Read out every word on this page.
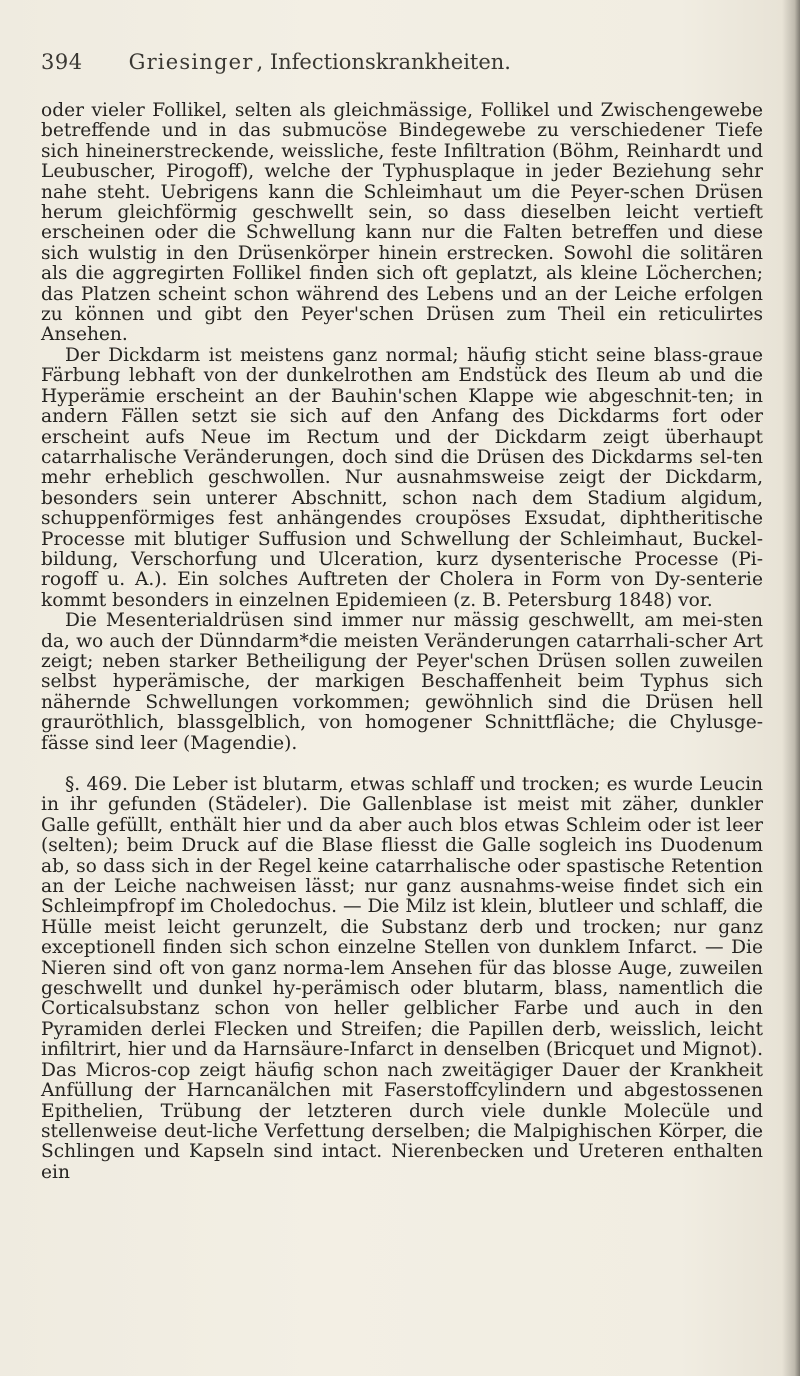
394 Griesinger , Infectionskrankheiten.

oder vieler Follikel, selten als gleichmässige, Follikel und Zwischengewebe betreffende und in das submucöse Bindegewebe zu verschiedener Tiefe sich hineinerstreckende, weissliche, feste Infiltration (Böhm, Reinhardt und Leubuscher, Pirogoff), welche der Typhusplaque in jeder Beziehung sehr nahe steht. Uebrigens kann die Schleimhaut um die Peyer-schen Drüsen herum gleichförmig geschwellt sein, so dass dieselben leicht vertieft erscheinen oder die Schwellung kann nur die Falten betreffen und diese sich wulstig in den Drüsenkörper hinein erstrecken. Sowohl die solitären als die aggregirten Follikel finden sich oft geplatzt, als kleine Löcherchen; das Platzen scheint schon während des Lebens und an der Leiche erfolgen zu können und gibt den Peyer'schen Drüsen zum Theil ein reticulirtes Ansehen.

Der Dickdarm ist meistens ganz normal; häufig sticht seine blass-graue Färbung lebhaft von der dunkelrothen am Endstück des Ileum ab und die Hyperämie erscheint an der Bauhin'schen Klappe wie abgeschnit-ten; in andern Fällen setzt sie sich auf den Anfang des Dickdarms fort oder erscheint aufs Neue im Rectum und der Dickdarm zeigt überhaupt catarrhalische Veränderungen, doch sind die Drüsen des Dickdarms sel-ten mehr erheblich geschwollen. Nur ausnahmsweise zeigt der Dickdarm, besonders sein unterer Abschnitt, schon nach dem Stadium algidum, schuppenförmiges fest anhängendes croupöses Exsudat, diphtheritische Processe mit blutiger Suffusion und Schwellung der Schleimhaut, Buckel-bildung, Verschorfung und Ulceration, kurz dysenterische Processe (Pi-rogoff u. A.). Ein solches Auftreten der Cholera in Form von Dy-senterie kommt besonders in einzelnen Epidemieen (z. B. Petersburg 1848) vor.

Die Mesenterialdrüsen sind immer nur mässig geschwellt, am mei-sten da, wo auch der Dünndarm*die meisten Veränderungen catarrhali-scher Art zeigt; neben starker Betheiligung der Peyer'schen Drüsen sollen zuweilen selbst hyperämische, der markigen Beschaffenheit beim Typhus sich nähernde Schwellungen vorkommen; gewöhnlich sind die Drüsen hell grauröthlich, blassgelblich, von homogener Schnittfläche; die Chylusge-fässe sind leer (Magendie).

§. 469. Die Leber ist blutarm, etwas schlaff und trocken; es wurde Leucin in ihr gefunden (Städeler). Die Gallenblase ist meist mit zäher, dunkler Galle gefüllt, enthält hier und da aber auch blos etwas Schleim oder ist leer (selten); beim Druck auf die Blase fliesst die Galle sogleich ins Duodenum ab, so dass sich in der Regel keine catarrhalische oder spastische Retention an der Leiche nachweisen lässt; nur ganz ausnahms-weise findet sich ein Schleimpfropf im Choledochus. — Die Milz ist klein, blutleer und schlaff, die Hülle meist leicht gerunzelt, die Substanz derb und trocken; nur ganz exceptionell finden sich schon einzelne Stellen von dunklem Infarct. — Die Nieren sind oft von ganz norma-lem Ansehen für das blosse Auge, zuweilen geschwellt und dunkel hy-perämisch oder blutarm, blass, namentlich die Corticalsubstanz schon von heller gelblicher Farbe und auch in den Pyramiden derlei Flecken und Streifen; die Papillen derb, weisslich, leicht infiltrirt, hier und da Harnsäure-Infarct in denselben (Bricquet und Mignot). Das Micros-cop zeigt häufig schon nach zweitägiger Dauer der Krankheit Anfüllung der Harncanälchen mit Faserstoffcylindern und abgestossenen Epithelien, Trübung der letzteren durch viele dunkle Molecüle und stellenweise deut-liche Verfettung derselben; die Malpighischen Körper, die Schlingen und Kapseln sind intact. Nierenbecken und Ureteren enthalten ein
